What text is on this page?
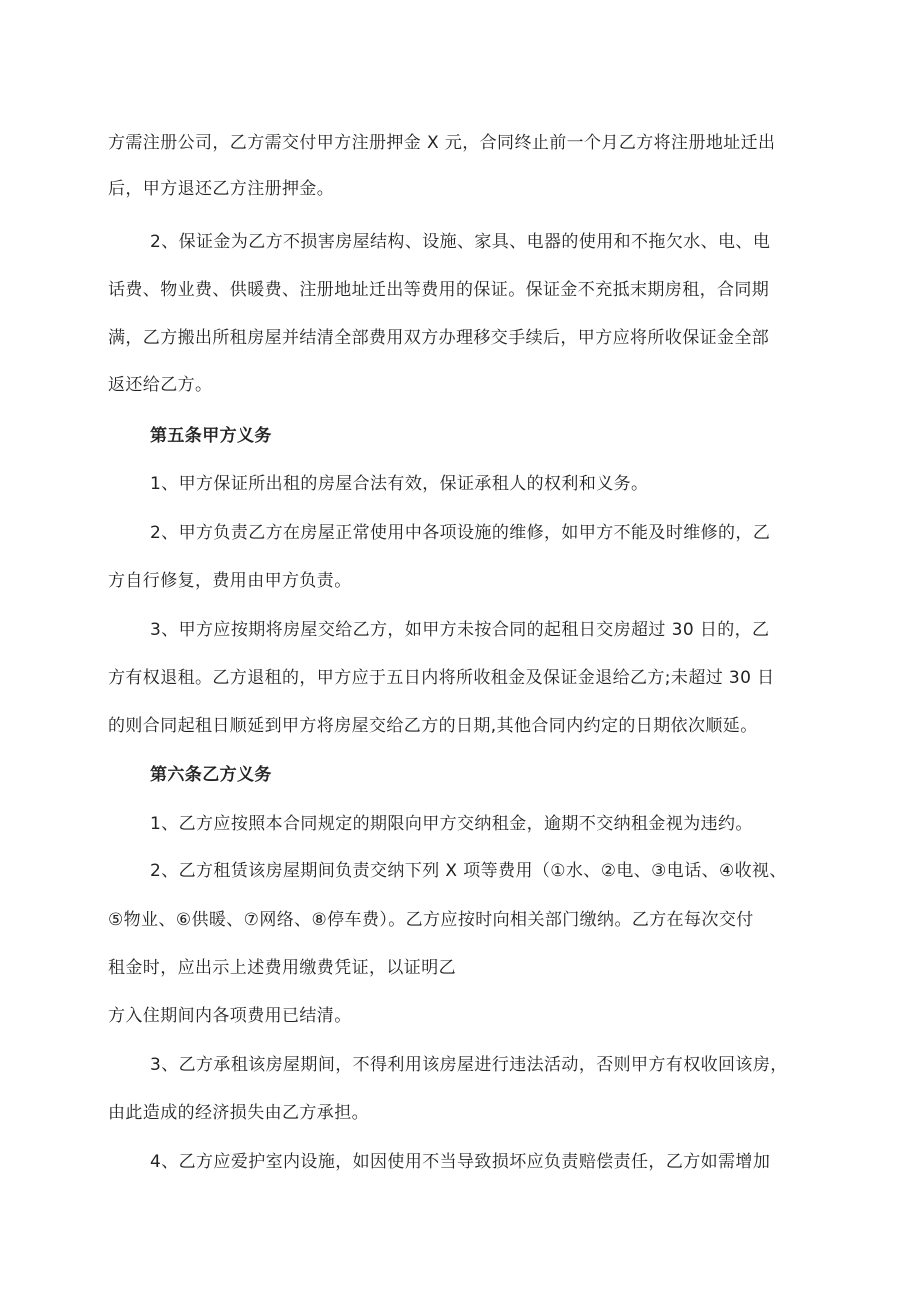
方需注册公司，乙方需交付甲方注册押金 X 元，合同终止前一个月乙方将注册地址迁出
后，甲方退还乙方注册押金。
2、保证金为乙方不损害房屋结构、设施、家具、电器的使用和不拖欠水、电、电
话费、物业费、供暖费、注册地址迁出等费用的保证。保证金不充抵末期房租，合同期
满，乙方搬出所租房屋并结清全部费用双方办理移交手续后，甲方应将所收保证金全部
返还给乙方。
第五条甲方义务
1、甲方保证所出租的房屋合法有效，保证承租人的权利和义务。
2、甲方负责乙方在房屋正常使用中各项设施的维修，如甲方不能及时维修的，乙
方自行修复，费用由甲方负责。
3、甲方应按期将房屋交给乙方，如甲方未按合同的起租日交房超过 30 日的，乙
方有权退租。乙方退租的，甲方应于五日内将所收租金及保证金退给乙方;未超过 30 日
的则合同起租日顺延到甲方将房屋交给乙方的日期,其他合同内约定的日期依次顺延。
第六条乙方义务
1、乙方应按照本合同规定的期限向甲方交纳租金，逾期不交纳租金视为违约。
2、乙方租赁该房屋期间负责交纳下列 X 项等费用（①水、②电、③电话、④收视、
⑤物业、⑥供暖、⑦网络、⑧停车费）。乙方应按时向相关部门缴纳。乙方在每次交付
租金时，应出示上述费用缴费凭证，以证明乙
方入住期间内各项费用已结清。
3、乙方承租该房屋期间，不得利用该房屋进行违法活动，否则甲方有权收回该房，
由此造成的经济损失由乙方承担。
4、乙方应爱护室内设施，如因使用不当导致损坏应负责赔偿责任，乙方如需增加
